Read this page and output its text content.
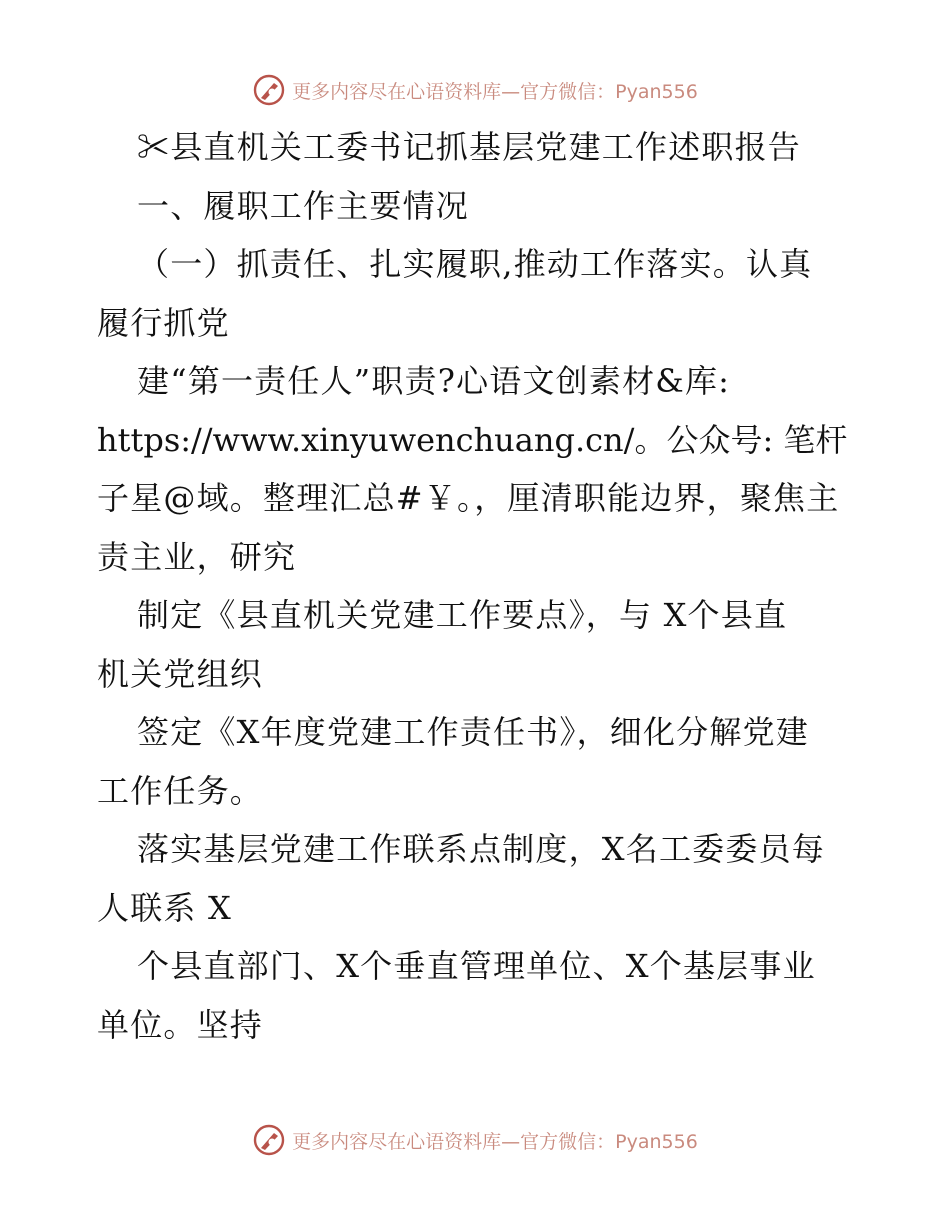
更多内容尽在心语资料库—官方微信：Pyan556
✂县直机关工委书记抓基层党建工作述职报告
一、履职工作主要情况
（一）抓责任、扎实履职,推动工作落实。认真
履行抓党
建“第一责任人”职责?心语文创素材&库:
https://www.xinyuwenchuang.cn/。公众号: 笔杆
子星@域。整理汇总#￥。，厘清职能边界，聚焦主
责主业，研究
制定《县直机关党建工作要点》，与 X个县直
机关党组织
签定《X年度党建工作责任书》，细化分解党建
工作任务。
落实基层党建工作联系点制度，X名工委委员每
人联系 X
个县直部门、X个垂直管理单位、X个基层事业
单位。坚持
更多内容尽在心语资料库—官方微信：Pyan556
